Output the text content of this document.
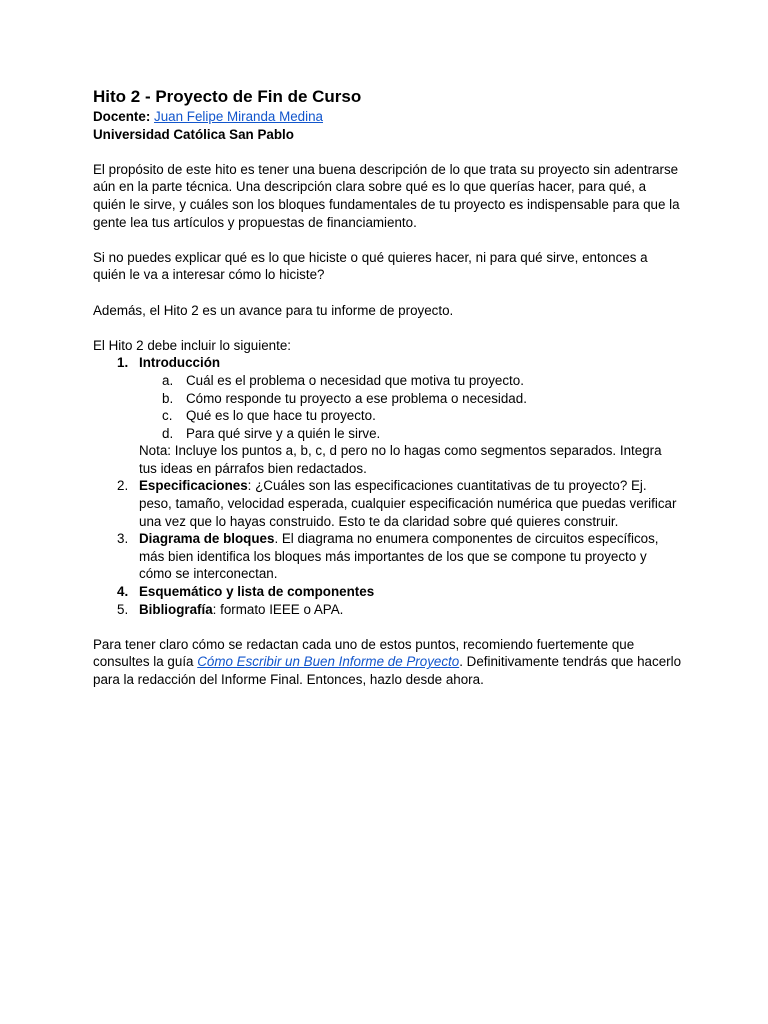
Hito 2 - Proyecto de Fin de Curso
Docente: Juan Felipe Miranda Medina
Universidad Católica San Pablo

El propósito de este hito es tener una buena descripción de lo que trata su proyecto sin adentrarse aún en la parte técnica. Una descripción clara sobre qué es lo que querías hacer, para qué, a quién le sirve, y cuáles son los bloques fundamentales de tu proyecto es indispensable para que la gente lea tus artículos y propuestas de financiamiento.

Si no puedes explicar qué es lo que hiciste o qué quieres hacer, ni para qué sirve, entonces a quién le va a interesar cómo lo hiciste?

Además, el Hito 2 es un avance para tu informe de proyecto.

El Hito 2 debe incluir lo siguiente:

1. Introducción
a. Cuál es el problema o necesidad que motiva tu proyecto.
b. Cómo responde tu proyecto a ese problema o necesidad.
c. Qué es lo que hace tu proyecto.
d. Para qué sirve y a quién le sirve.
Nota: Incluye los puntos a, b, c, d pero no lo hagas como segmentos separados. Integra tus ideas en párrafos bien redactados.
2. Especificaciones: ¿Cuáles son las especificaciones cuantitativas de tu proyecto? Ej. peso, tamaño, velocidad esperada, cualquier especificación numérica que puedas verificar una vez que lo hayas construido. Esto te da claridad sobre qué quieres construir.
3. Diagrama de bloques. El diagrama no enumera componentes de circuitos específicos, más bien identifica los bloques más importantes de los que se compone tu proyecto y cómo se interconectan.
4. Esquemático y lista de componentes
5. Bibliografía: formato IEEE o APA.

Para tener claro cómo se redactan cada uno de estos puntos, recomiendo fuertemente que consultes la guía Cómo Escribir un Buen Informe de Proyecto. Definitivamente tendrás que hacerlo para la redacción del Informe Final. Entonces, hazlo desde ahora.
